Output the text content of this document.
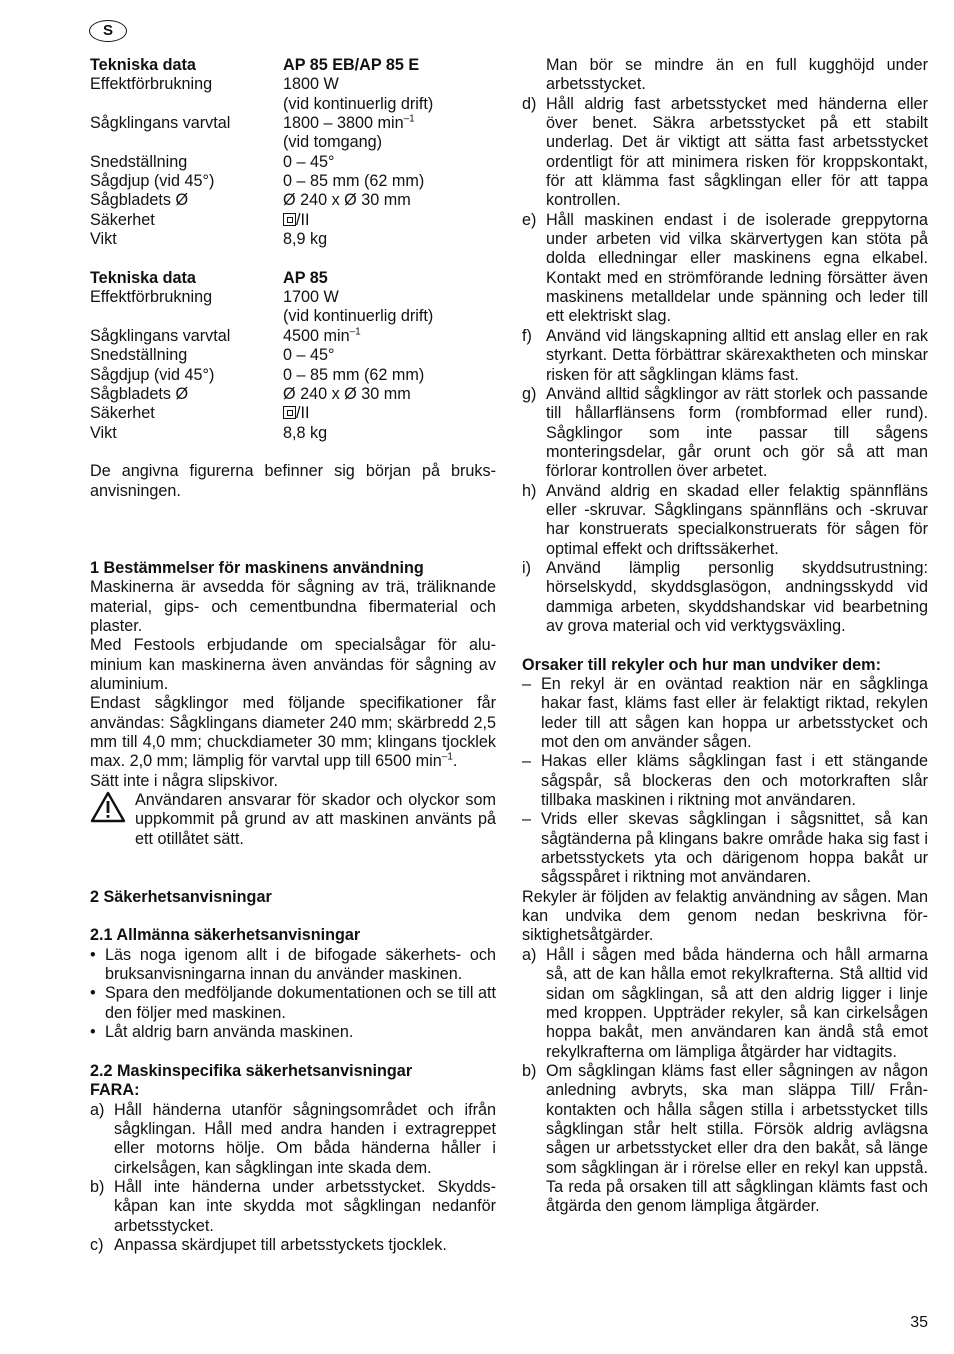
S
Tekniska data	AP 85 EB/AP 85 E
Effektförbrukning	1800 W
(vid kontinuerlig drift)
Sågklingans varvtal	1800 – 3800 $\min^{-1}$
(vid tomgang)
Snedställning	0 – 45°
Sågdjup (vid 45°)	0 – 85 mm (62 mm)
Sågbladets Ø	Ø 240 x Ø 30 mm
Säkerhet	/II
Vikt	8,9 kg
Tekniska data	AP 85
Effektförbrukning	1700 W
(vid kontinuerlig drift)
Sågklingans varvtal	4500 $\min^{-1}$
Snedställning	0 – 45°
Sågdjup (vid 45°)	0 – 85 mm (62 mm)
Sågbladets Ø	Ø 240 x Ø 30 mm
Säkerhet	/II
Vikt	8,8 kg

De angivna figurerna befinner sig början på bruksanvisningen.

1 Bestämmelser för maskinens användning

Maskinerna är avsedda för sågning av trä, träliknande material, gips- och cementbundna fibermaterial och plaster.

Med Festools erbjudande om specialsågar för aluminium kan maskinerna även användas för sågning av aluminium.

Endast sågklingor med följande specifikationer får användas: Sågklingans diameter 240 mm; skärbredd 2,5 mm till 4,0 mm; chuckdiameter 30 mm; klingans tjocklek max. 2,0 mm; lämplig för varvtal upp till 6500 $\min^{-1}$.

Sätt inte i några slipskivor.

Användaren ansvarar för skador och olyckor som uppkommit på grund av att maskinen använts på ett otillåtet sätt.

2 Säkerhetsanvisningar

2.1 Allmänna säkerhetsanvisningar

• Läs noga igenom allt i de bifogade säkerhets- och bruksanvisningarna innan du använder maskinen.
• Spara den medföljande dokumentationen och se till att den följer med maskinen.
• Låt aldrig barn använda maskinen.

2.2 Maskinspecifika säkerhetsanvisningar

FARA:

a) Håll händerna utanför sågningsområdet och ifrån sågklingan. Håll med andra handen i extragreppet eller motorns hölje. Om båda händerna håller i cirkelsågen, kan sågklingan inte skada dem.
b) Håll inte händerna under arbetsstycket. Skyddskåpan kan inte skydda mot sågklingan nedanför arbetsstycket.
c) Anpassa skärdjupet till arbetsstyckets tjocklek.
Man bör se mindre än en full kugghöjd under arbetsstycket.
d) Håll aldrig fast arbetsstycket med händerna eller över benet. Säkra arbetsstycket på ett stabilt underlag. Det är viktigt att sätta fast arbetsstycket ordentligt för att minimera risken för kroppskontakt, för att klämma fast sågklingan eller för att tappa kontrollen.
e) Håll maskinen endast i de isolerade greppytorna under arbeten vid vilka skärvertygen kan stöta på dolda elledningar eller maskinens egna elkabel. Kontakt med en strömförande ledning försätter även maskinens metalldelar unde spänning och leder till ett elektriskt slag.
f) Använd vid längskapning alltid ett anslag eller en rak styrkant. Detta förbättrar skärexaktheten och minskar risken för att sågklingan kläms fast.
g) Använd alltid sågklingor av rätt storlek och passande till hållarflänsens form (rombformad eller rund). Sågklingor som inte passar till sågens monteringsdelar, går orunt och gör så att man förlorar kontrollen över arbetet.
h) Använd aldrig en skadad eller felaktig spännfläns eller -skruvar. Sågklingans spännfläns och -skruvar har konstruerats specialkonstruerats för sågen för optimal effekt och driftssäkerhet.
i) Använd lämplig personlig skyddsutrustning: hörselskydd, skyddsglasögon, andningsskydd vid dammiga arbeten, skyddshandskar vid bearbetning av grova material och vid verktygsväxling.

Orsaker till rekyler och hur man undviker dem:

– En rekyl är en oväntad reaktion när en sågklinga hakar fast, kläms fast eller är felaktigt riktad, rekylen leder till att sågen kan hoppa ur arbetsstycket och mot den om använder sågen.
– Hakas eller kläms sågklingan fast i ett stängande sågspår, så blockeras den och motorkraften slår tillbaka maskinen i riktning mot användaren.
– Vrids eller skevas sågklingan i sågsnittet, så kan sågtänderna på klingans bakre område haka sig fast i arbetsstyckets yta och därigenom hoppa bakåt ur sågsspåret i riktning mot användaren.

Rekyler är följden av felaktig användning av sågen. Man kan undvika dem genom nedan beskrivna försiktighetsåtgärder.

a) Håll i sågen med båda händerna och håll armarna så, att de kan hålla emot rekylkrafterna. Stå alltid vid sidan om sågklingan, så att den aldrig ligger i linje med kroppen. Uppträder rekyler, så kan cirkelsågen hoppa bakåt, men användaren kan ändå stå emot rekylkrafterna om lämpliga åtgärder har vidtagits.
b) Om sågklingan kläms fast eller sågningen av någon anledning avbryts, ska man släppa Till/ Från-kontakten och hålla sågen stilla i arbetsstycket tills sågklingan står helt stilla. Försök aldrig avlägsna sågen ur arbetsstycket eller dra den bakåt, så länge som sågklingan är i rörelse eller en rekyl kan uppstå. Ta reda på orsaken till att sågklingan klämts fast och åtgärda den genom lämpliga åtgärder.
35
